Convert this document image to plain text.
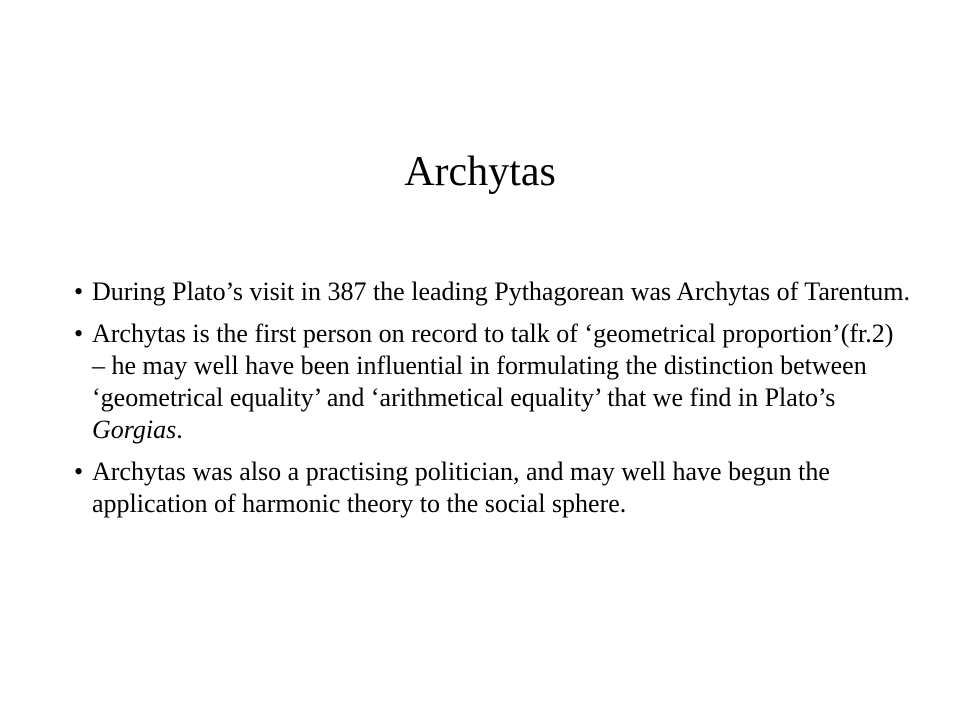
Archytas
• During Plato’s visit in 387 the leading Pythagorean was Archytas of Tarentum.
• Archytas is the first person on record to talk of ‘geometrical proportion’(fr.2) – he may well have been influential in formulating the distinction between ‘geometrical equality’ and ‘arithmetical equality’ that we find in Plato’s Gorgias.
• Archytas was also a practising politician, and may well have begun the application of harmonic theory to the social sphere.
